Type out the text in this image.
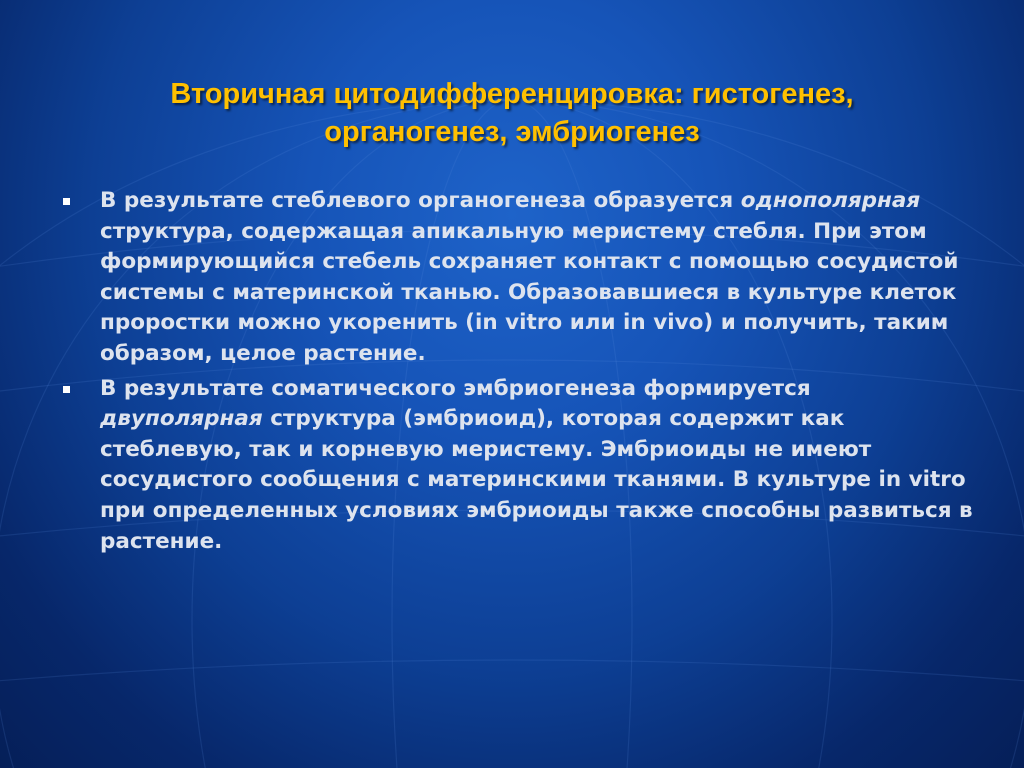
Вторичная цитодифференцировка: гистогенез,
органогенез, эмбриогенез
В результате стеблевого органогенеза образуется однополярная структура, содержащая апикальную меристему стебля. При этом формирующийся стебель сохраняет контакт с помощью сосудистой системы с материнской тканью. Образовавшиеся в культуре клеток проростки можно укоренить (in vitro или in vivo) и получить, таким образом, целое растение.
В результате соматического эмбриогенеза формируется двуполярная структура (эмбриоид), которая содержит как стеблевую, так и корневую меристему. Эмбриоиды не имеют сосудистого сообщения с материнскими тканями. В культуре in vitro при определенных условиях эмбриоиды также способны развиться в растение.
